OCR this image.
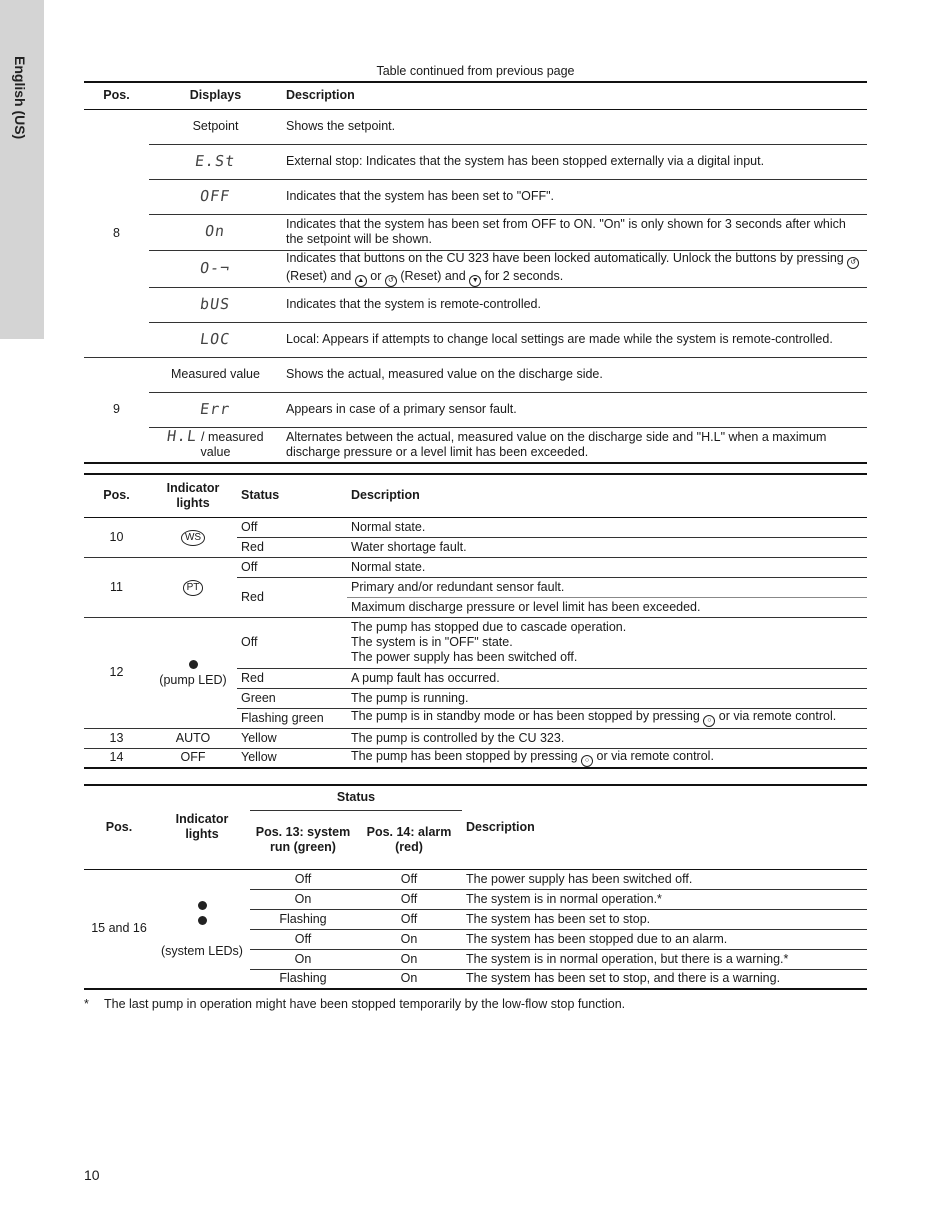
English (US)	Table continued from previous page
Pos.	Displays	Description
8	Setpoint	Shows the setpoint.
	E.St	External stop: Indicates that the system has been stopped externally via a digital input.
	OFF	Indicates that the system has been set to "OFF".
	On	Indicates that the system has been set from OFF to ON. "On" is only shown for 3 seconds after which the setpoint will be shown.
	O-¬	Indicates that buttons on the CU 323 have been locked automatically. Unlock the buttons by pressing ↺ (Reset) and ▲ or ↺ (Reset) and ▼ for 2 seconds.
	bUS	Indicates that the system is remote-controlled.
	LOC	Local: Appears if attempts to change local settings are made while the system is remote-controlled.
9	Measured value	Shows the actual, measured value on the discharge side.
	Err	Appears in case of a primary sensor fault.
	H.L / measured value	Alternates between the actual, measured value on the discharge side and "H.L" when a maximum discharge pressure or a level limit has been exceeded.
Pos.	Indicator lights	Status	Description
10	WS	Off	Normal state.
		Red	Water shortage fault.
11	PT	Off	Normal state.
		Red	Primary and/or redundant sensor fault.
			Maximum discharge pressure or level limit has been exceeded.
12	(pump LED)	Off	The pump has stopped due to cascade operation.
The system is in "OFF" state.
The power supply has been switched off.

		Red	A pump fault has occurred.
		Green	The pump is running.
		Flashing green	The pump is in standby mode or has been stopped by pressing ○ or via remote control.
13	AUTO	Yellow	The pump is controlled by the CU 323.
14	OFF	Yellow	The pump has been stopped by pressing ○ or via remote control.
Pos.	Indicator lights	Status		Description
		Pos. 13: system run (green)	Pos. 14: alarm (red)	
15 and 16	(system LEDs)	Off	Off	The power supply has been switched off.
		On	Off	The system is in normal operation.*
		Flashing	Off	The system has been set to stop.
		Off	On	The system has been stopped due to an alarm.
		On	On	The system is in normal operation, but there is a warning.*
		Flashing	On	The system has been set to stop, and there is a warning.
* The last pump in operation might have been stopped temporarily by the low-flow stop function.
10
